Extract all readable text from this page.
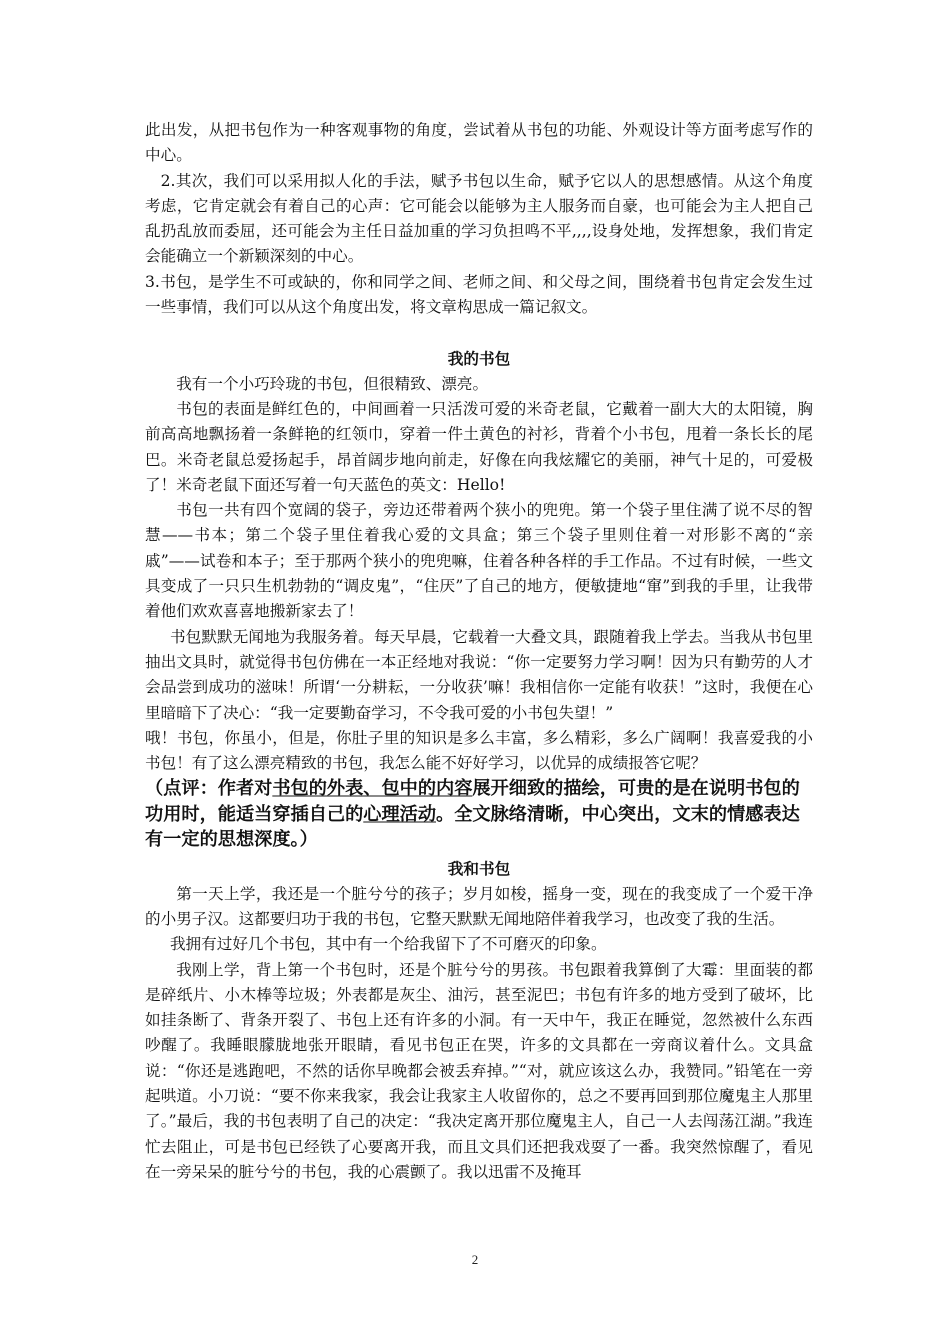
此出发，从把书包作为一种客观事物的角度，尝试着从书包的功能、外观设计等方面考虑写作的中心。

2.其次，我们可以采用拟人化的手法，赋予书包以生命，赋予它以人的思想感情。从这个角度考虑，它肯定就会有着自己的心声：它可能会以能够为主人服务而自豪，也可能会为主人把自己乱扔乱放而委屈，还可能会为主任日益加重的学习负担鸣不平,,,,设身处地，发挥想象，我们肯定会能确立一个新颖深刻的中心。

3.书包，是学生不可或缺的，你和同学之间、老师之间、和父母之间，围绕着书包肯定会发生过一些事情，我们可以从这个角度出发，将文章构思成一篇记叙文。

我的书包

我有一个小巧玲珑的书包，但很精致、漂亮。

书包的表面是鲜红色的，中间画着一只活泼可爱的米奇老鼠，它戴着一副大大的太阳镜，胸前高高地飘扬着一条鲜艳的红领巾，穿着一件土黄色的衬衫，背着个小书包，甩着一条长长的尾巴。米奇老鼠总爱扬起手，昂首阔步地向前走，好像在向我炫耀它的美丽，神气十足的，可爱极了！米奇老鼠下面还写着一句天蓝色的英文：Hello!

书包一共有四个宽阔的袋子，旁边还带着两个狭小的兜兜。第一个袋子里住满了说不尽的智慧——书本；第二个袋子里住着我心爱的文具盒；第三个袋子里则住着一对形影不离的“亲戚”——试卷和本子；至于那两个狭小的兜兜嘛，住着各种各样的手工作品。不过有时候，一些文具变成了一只只生机勃勃的“调皮鬼”，“住厌”了自己的地方，便敏捷地“窜”到我的手里，让我带着他们欢欢喜喜地搬新家去了！

书包默默无闻地为我服务着。每天早晨，它载着一大叠文具，跟随着我上学去。当我从书包里抽出文具时，就觉得书包仿佛在一本正经地对我说：“你一定要努力学习啊！因为只有勤劳的人才会品尝到成功的滋味！所谓‘一分耕耘，一分收获’嘛！我相信你一定能有收获！”这时，我便在心里暗暗下了决心：“我一定要勤奋学习，不令我可爱的小书包失望！”

哦！书包，你虽小，但是，你肚子里的知识是多么丰富，多么精彩，多么广阔啊！我喜爱我的小书包！有了这么漂亮精致的书包，我怎么能不好好学习，以优异的成绩报答它呢？

（点评：作者对书包的外表、包中的内容展开细致的描绘，可贵的是在说明书包的功用时，能适当穿插自己的心理活动。全文脉络清晰，中心突出，文末的情感表达有一定的思想深度。）

我和书包

第一天上学，我还是一个脏兮兮的孩子；岁月如梭，摇身一变，现在的我变成了一个爱干净的小男子汉。这都要归功于我的书包，它整天默默无闻地陪伴着我学习，也改变了我的生活。

我拥有过好几个书包，其中有一个给我留下了不可磨灭的印象。

我刚上学，背上第一个书包时，还是个脏兮兮的男孩。书包跟着我算倒了大霉：里面装的都是碎纸片、小木棒等垃圾；外表都是灰尘、油污，甚至泥巴；书包有许多的地方受到了破坏，比如挂条断了、背条开裂了、书包上还有许多的小洞。有一天中午，我正在睡觉，忽然被什么东西吵醒了。我睡眼朦胧地张开眼睛，看见书包正在哭，许多的文具都在一旁商议着什么。文具盒说：“你还是逃跑吧，不然的话你早晚都会被丢弃掉。”“对，就应该这么办，我赞同。”铅笔在一旁起哄道。小刀说：“要不你来我家，我会让我家主人收留你的，总之不要再回到那位魔鬼主人那里了。”最后，我的书包表明了自己的决定：“我决定离开那位魔鬼主人，自己一人去闯荡江湖。”我连忙去阻止，可是书包已经铁了心要离开我，而且文具们还把我戏耍了一番。我突然惊醒了，看见在一旁呆呆的脏兮兮的书包，我的心震颤了。我以迅雷不及掩耳

2
